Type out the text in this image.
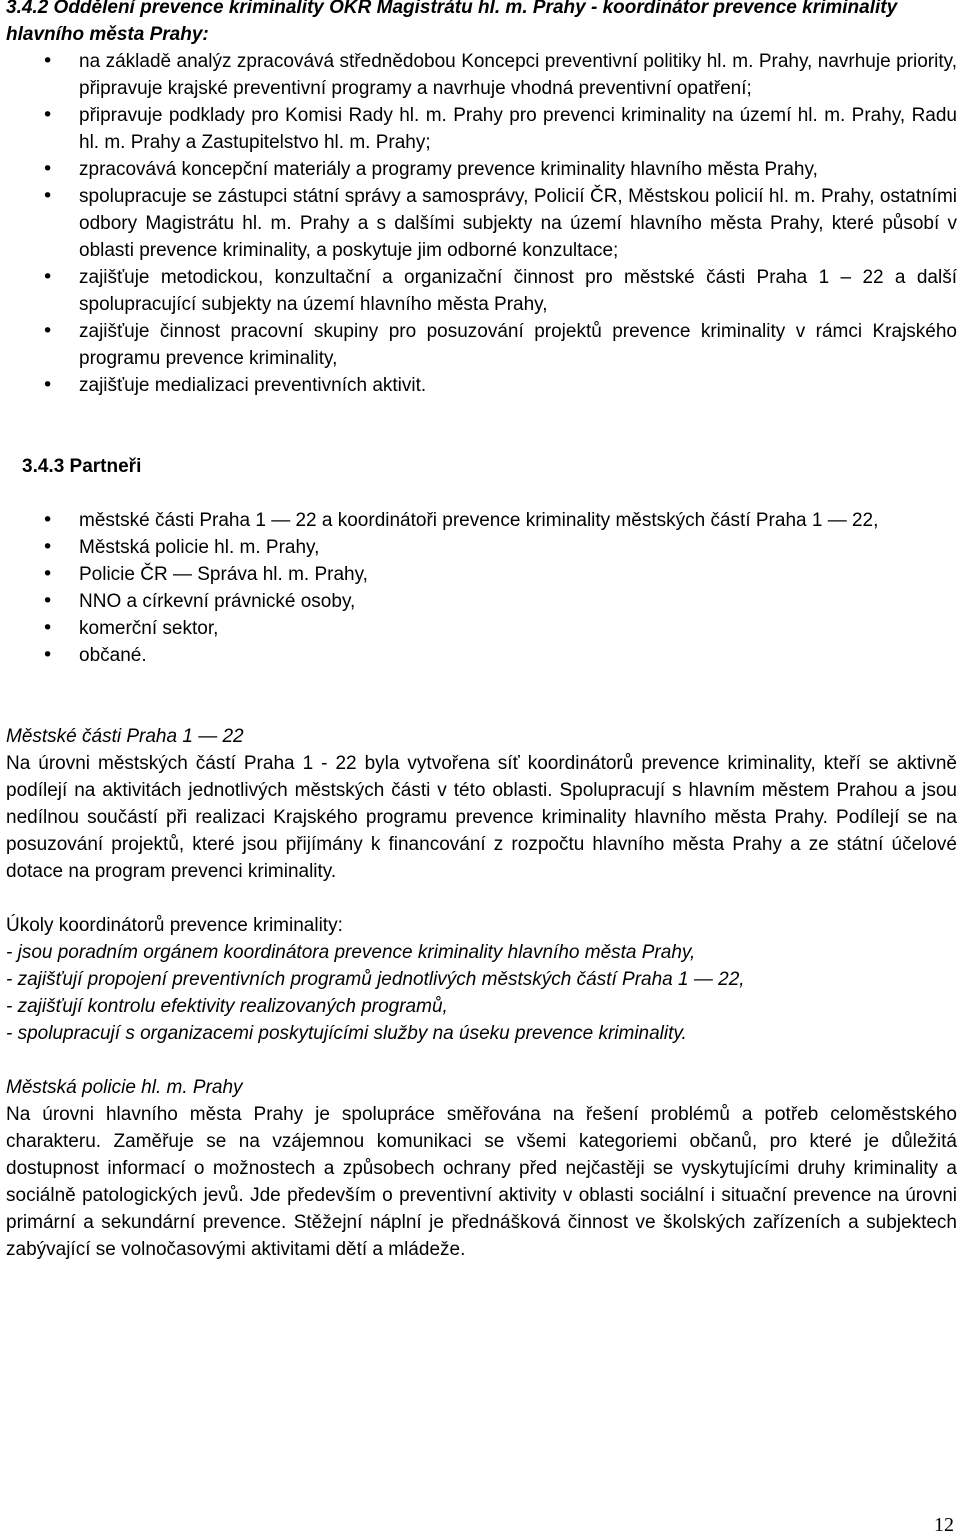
3.4.2 Oddělení prevence kriminality OKR Magistrátu hl. m. Prahy - koordinátor prevence kriminality hlavního města Prahy:

• na základě analýz zpracovává střednědobou Koncepci preventivní politiky hl. m. Prahy, navrhuje priority, připravuje krajské preventivní programy a navrhuje vhodná preventivní opatření;
• připravuje podklady pro Komisi Rady hl. m. Prahy pro prevenci kriminality na území hl. m. Prahy, Radu hl. m. Prahy a Zastupitelstvo hl. m. Prahy;
• zpracovává koncepční materiály a programy prevence kriminality hlavního města Prahy,
• spolupracuje se zástupci státní správy a samosprávy, Policií ČR, Městskou policií hl. m. Prahy, ostatními odbory Magistrátu hl. m. Prahy a s dalšími subjekty na území hlavního města Prahy, které působí v oblasti prevence kriminality, a poskytuje jim odborné konzultace;
• zajišťuje metodickou, konzultační a organizační činnost pro městské části Praha 1 – 22 a další spolupracující subjekty na území hlavního města Prahy,
• zajišťuje činnost pracovní skupiny pro posuzování projektů prevence kriminality v rámci Krajského programu prevence kriminality,
• zajišťuje medializaci preventivních aktivit.

3.4.3 Partneři

• městské části Praha 1 — 22 a koordinátoři prevence kriminality městských částí Praha 1 — 22,
• Městská policie hl. m. Prahy,
• Policie ČR — Správa hl. m. Prahy,
• NNO a církevní právnické osoby,
• komerční sektor,
• občané.

Městské části Praha 1 — 22

Na úrovni městských částí Praha 1 - 22 byla vytvořena síť koordinátorů prevence kriminality, kteří se aktivně podílejí na aktivitách jednotlivých městských části v této oblasti. Spolupracují s hlavním městem Prahou a jsou nedílnou součástí při realizaci Krajského programu prevence kriminality hlavního města Prahy. Podílejí se na posuzování projektů, které jsou přijímány k financování z rozpočtu hlavního města Prahy a ze státní účelové dotace na program prevenci kriminality.

Úkoly koordinátorů prevence kriminality:

- jsou poradním orgánem koordinátora prevence kriminality hlavního města Prahy,

- zajišťují propojení preventivních programů jednotlivých městských částí Praha 1 — 22,

- zajišťují kontrolu efektivity realizovaných programů,

- spolupracují s organizacemi poskytujícími služby na úseku prevence kriminality.

Městská policie hl. m. Prahy

Na úrovni hlavního města Prahy je spolupráce směřována na řešení problémů a potřeb celoměstského charakteru. Zaměřuje se na vzájemnou komunikaci se všemi kategoriemi občanů, pro které je důležitá dostupnost informací o možnostech a způsobech ochrany před nejčastěji se vyskytujícími druhy kriminality a sociálně patologických jevů. Jde především o preventivní aktivity v oblasti sociální i situační prevence na úrovni primární a sekundární prevence. Stěžejní náplní je přednášková činnost ve školských zařízeních a subjektech zabývající se volnočasovými aktivitami dětí a mládeže.

12
